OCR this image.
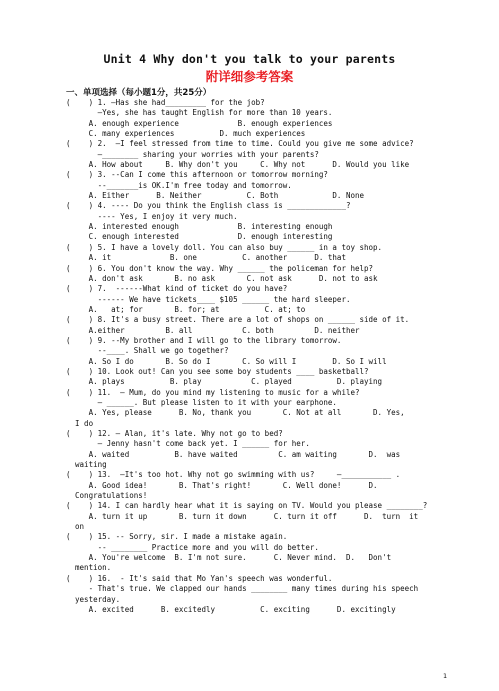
Unit 4 Why don't you talk to your parents
附详细参考答案
一、单项选择（每小题1分，共25分）
(    ) 1. —Has she had_________ for the job?
—Yes, she has taught English for more than 10 years.
A. enough experience             B. enough experiences
C. many experiences          D. much experiences
(    ) 2.  —I feel stressed from time to time. Could you give me some advice?
—________ sharing your worries with your parents?
A. How about     B. Why don't you     C. Why not      D. Would you like
(    ) 3. --Can I come this afternoon or tomorrow morning?
--_______is OK.I'm free today and tomorrow.
A. Either      B. Neither          C. Both            D. None
(    ) 4. ---- Do you think the English class is _____________?
---- Yes, I enjoy it very much.
A. interested enough             B. interesting enough
C. enough interested             D. enough interesting
(    ) 5. I have a lovely doll. You can also buy ______ in a toy shop.
A. it             B. one          C. another      D. that
(    ) 6. You don't know the way. Why ______ the policeman for help?
A. don't ask       B. no ask       C. not ask      D. not to ask
(    ) 7.  ------What kind of ticket do you have?
------ We have tickets____ $105 ______ the hard sleeper.
A.   at; for       B. for; at          C. at; to
(    ) 8. It's a busy street. There are a lot of shops on ______ side of it.
A.either         B. all           C. both         D. neither
(    ) 9. --My brother and I will go to the library tomorrow.
--____. Shall we go together?
A. So I do       B. So do I       C. So will I        D. So I will
(    ) 10. Look out! Can you see some boy students ____ basketball?
A. plays          B. play           C. played          D. playing
(    ) 11.  — Mum, do you mind my listening to music for a while?
— ______. But please listen to it with your earphone.
A. Yes, please      B. No, thank you       C. Not at all       D. Yes,
I do
(    ) 12. — Alan, it's late. Why not go to bed?
— Jenny hasn't come back yet. I ______ for her.
A. waited          B. have waited         C. am waiting       D.  was
waiting
(    ) 13.  —It's too hot. Why not go swimming with us?     —___________ .
A. Good idea!       B. That's right!       C. Well done!      D.
Congratulations!
(    ) 14. I can hardly hear what it is saying on TV. Would you please ________?
A. turn it up       B. turn it down      C. turn it off      D.  turn  it
on
(    ) 15. -- Sorry, sir. I made a mistake again.
-- ________ Practice more and you will do better.
A. You're welcome  B. I'm not sure.      C. Never mind.  D.   Don't
mention.
(    ) 16.  - It's said that Mo Yan's speech was wonderful.
- That's true. We clapped our hands ________ many times during his speech
yesterday.
A. excited      B. excitedly          C. exciting      D. excitingly
1
